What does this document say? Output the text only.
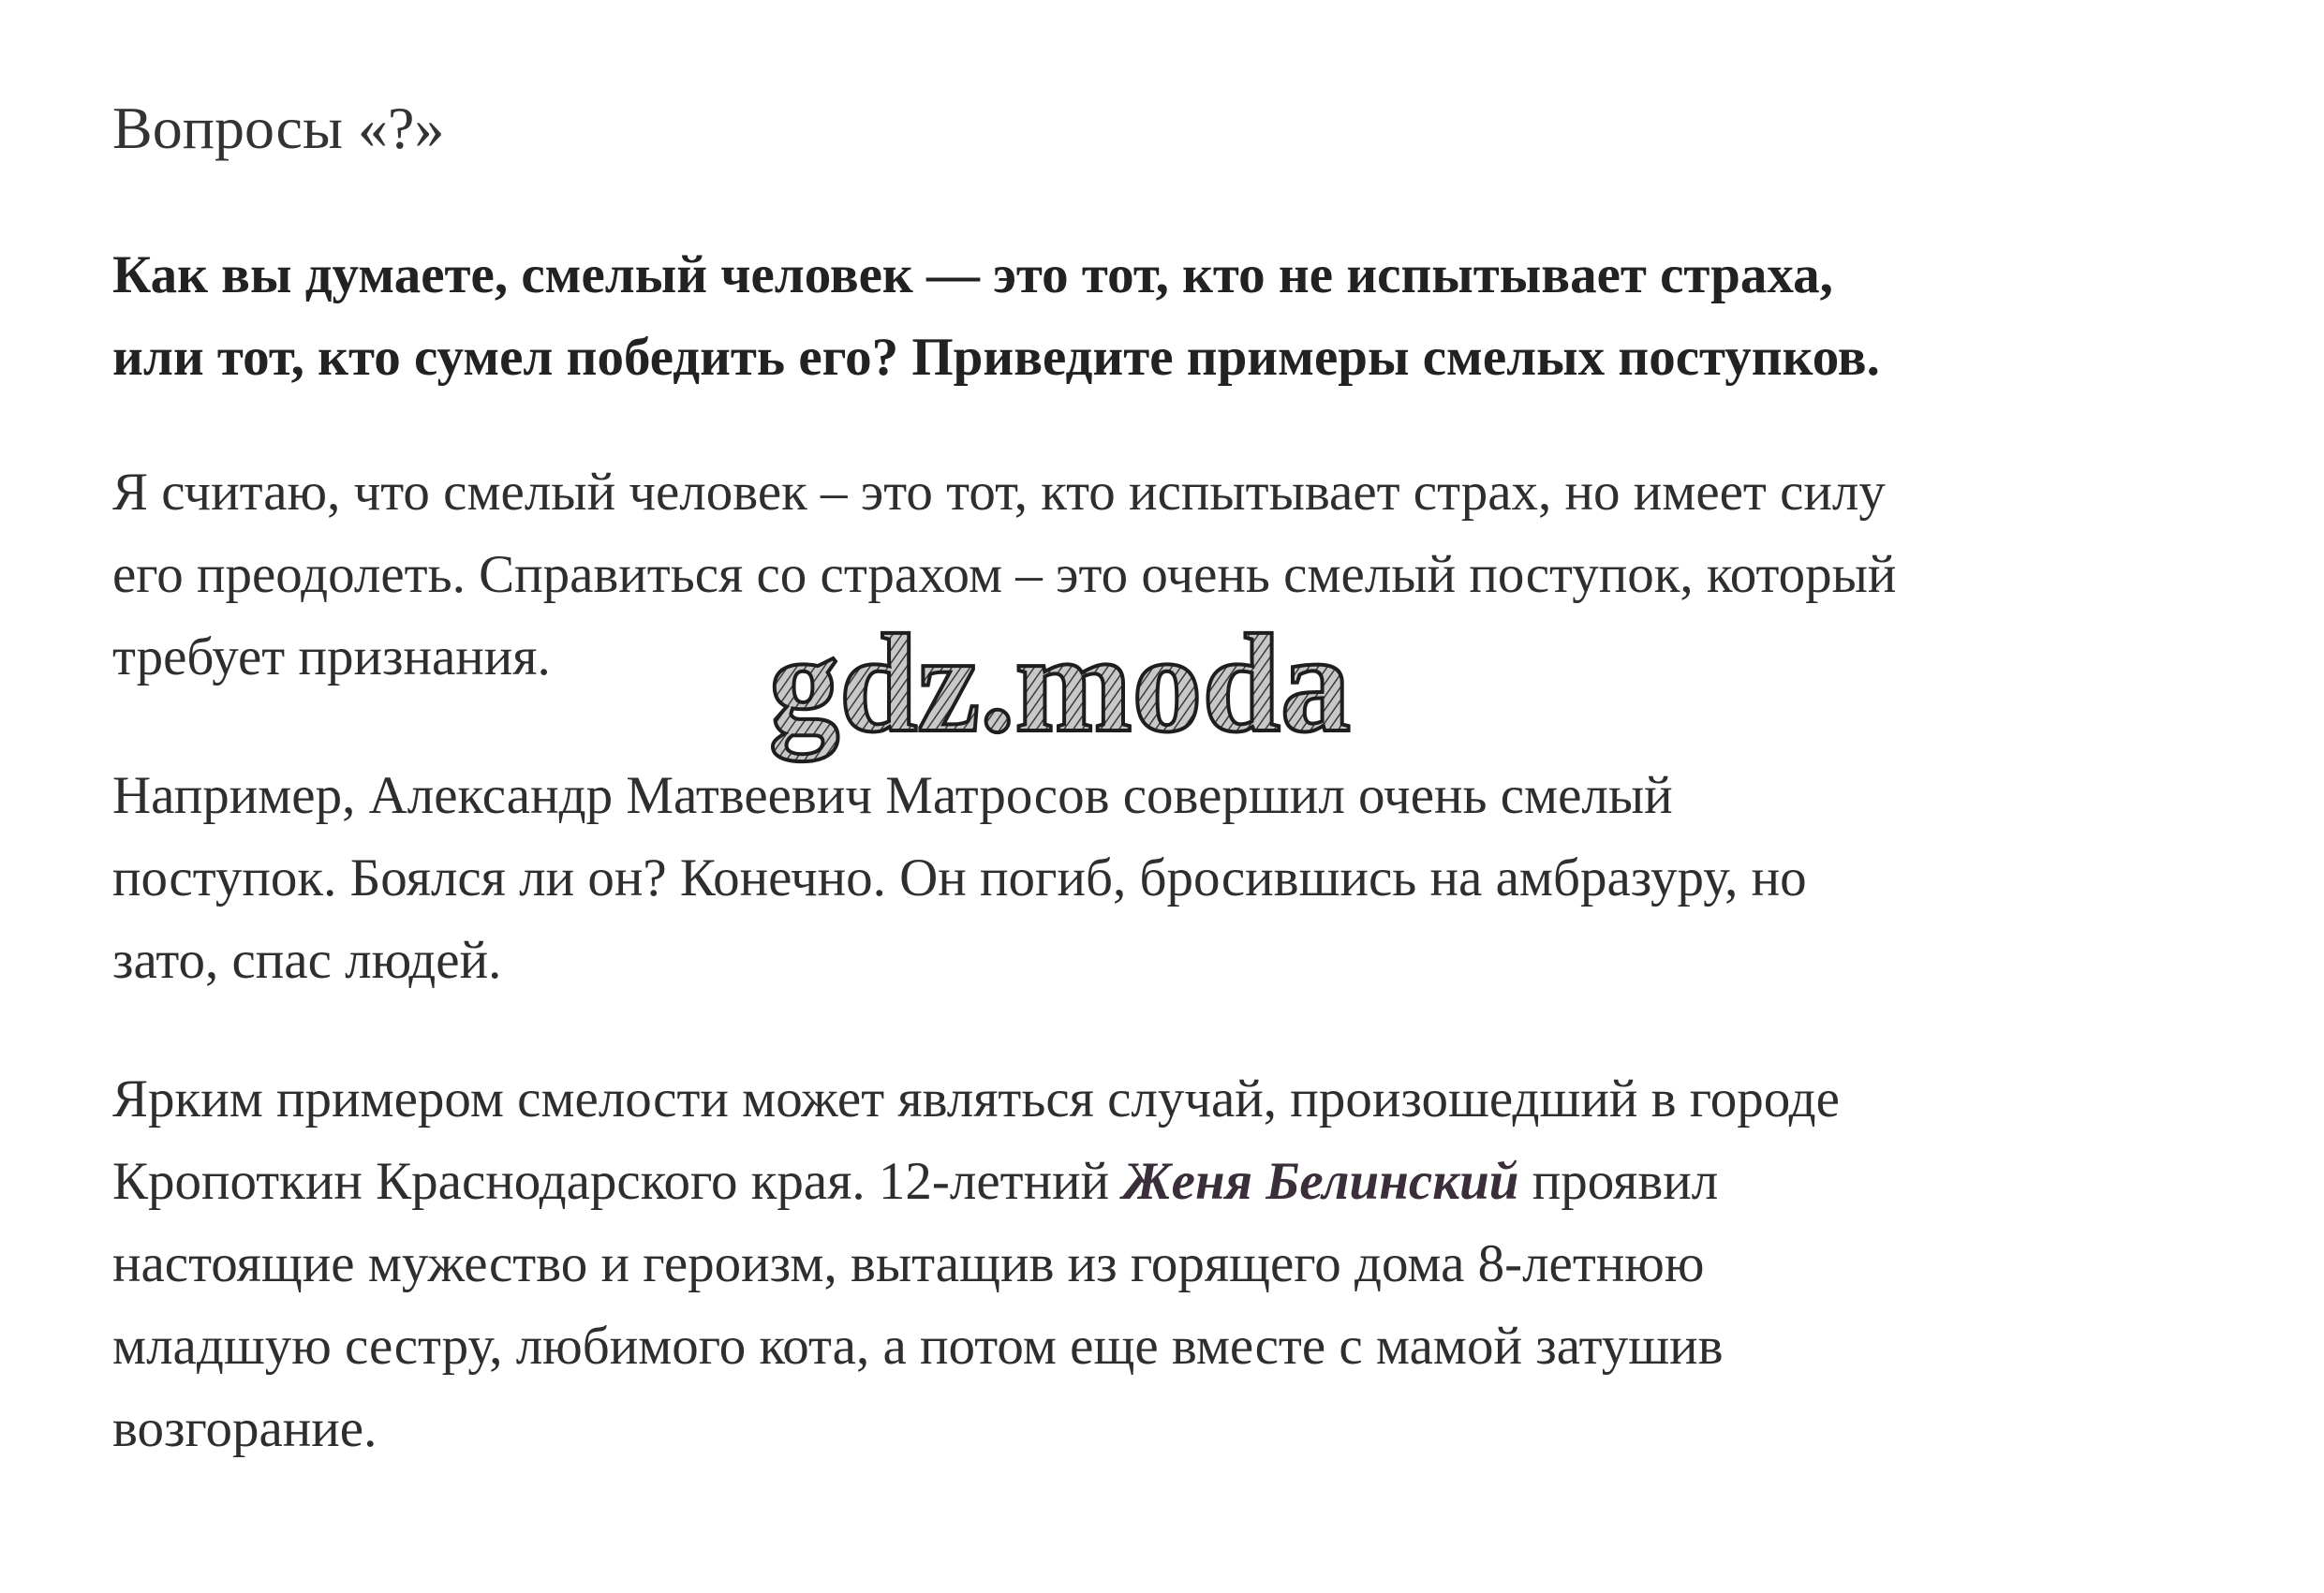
Вопросы «?»
Как вы думаете, смелый человек — это тот, кто не испытывает страха,
или тот, кто сумел победить его? Приведите примеры смелых поступков.
Я считаю, что смелый человек – это тот, кто испытывает страх, но имеет силу
его преодолеть. Справиться со страхом – это очень смелый поступок, который
требует признания.
Например, Александр Матвеевич Матросов совершил очень смелый
поступок. Боялся ли он? Конечно. Он погиб, бросившись на амбразуру, но
зато, спас людей.
Ярким примером смелости может являться случай, произошедший в городе
Кропоткин Краснодарского края. 12-летний Женя Белинский проявил
настоящие мужество и героизм, вытащив из горящего дома 8-летнюю
младшую сестру, любимого кота, а потом еще вместе с мамой затушив
возгорание.
gdz.moda
